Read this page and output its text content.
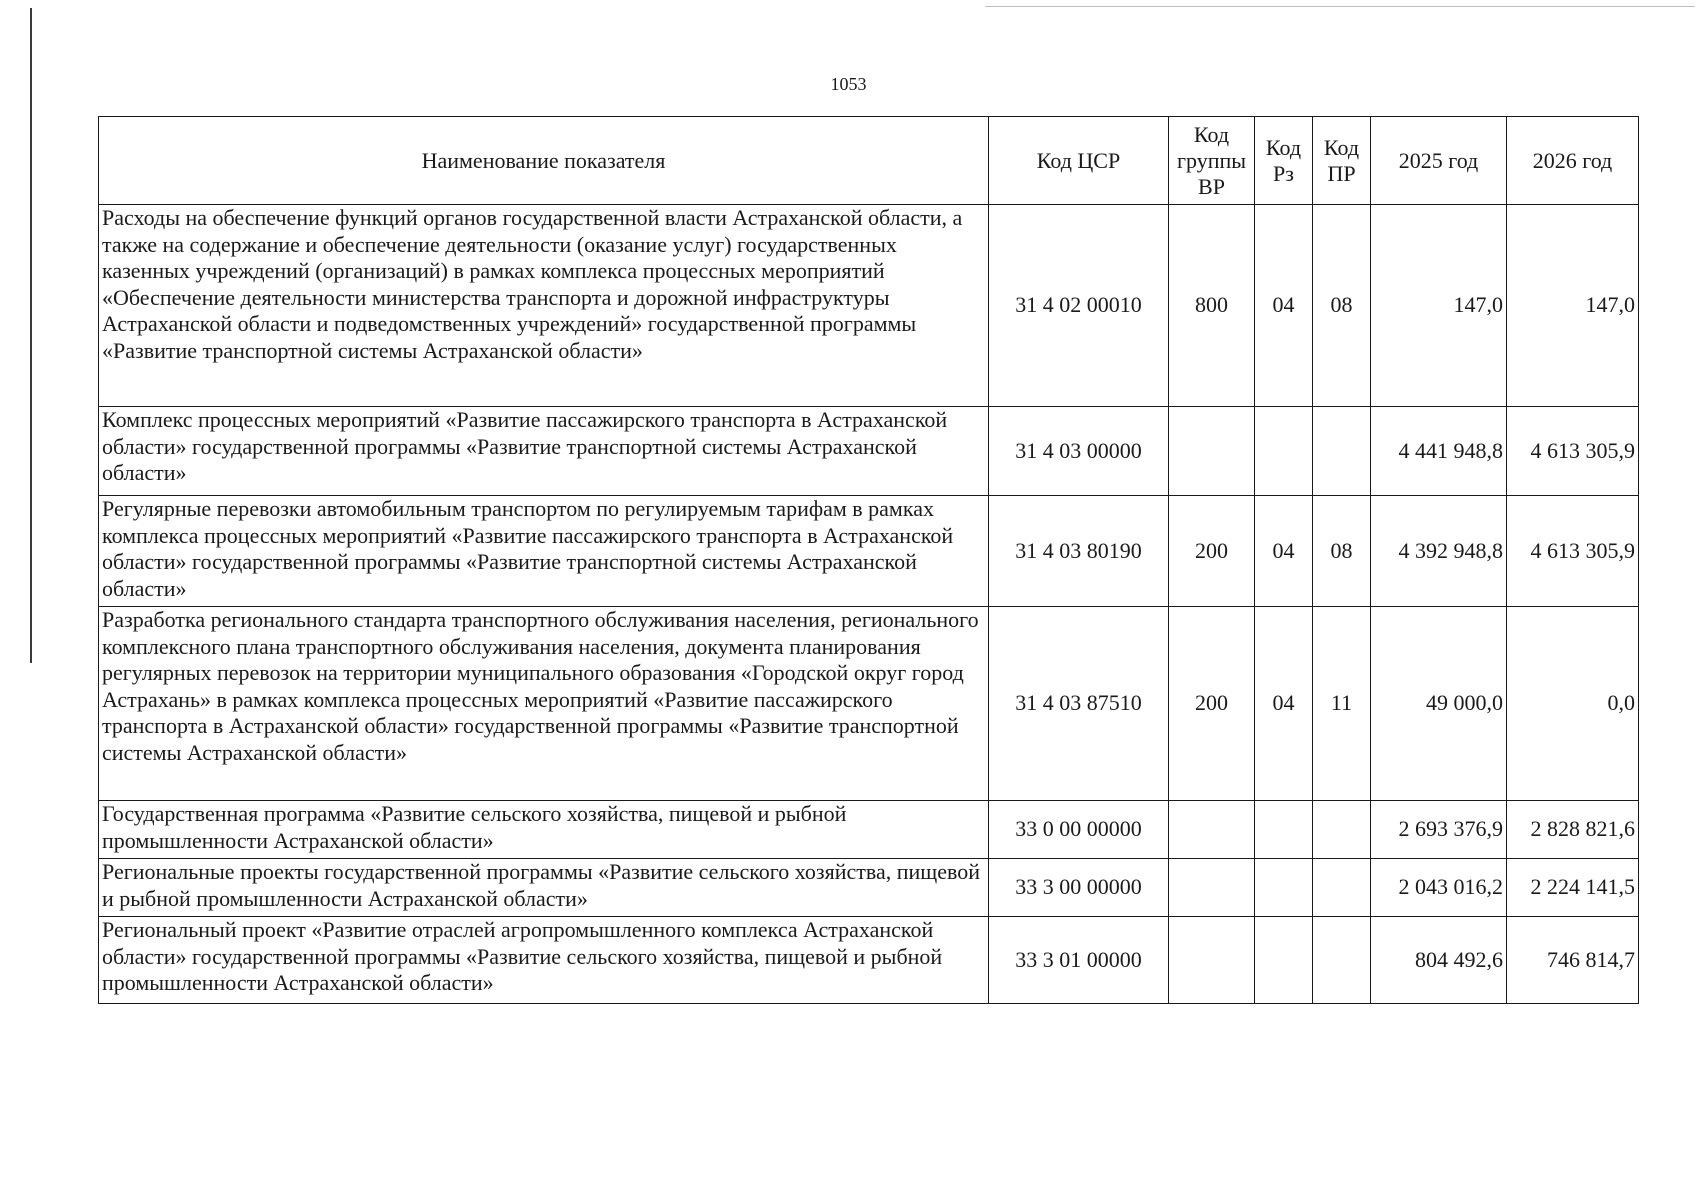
1053
Наименование показателя	Код ЦСР	Код группы ВР	Код Рз	Код ПР	2025 год	2026 год
Расходы на обеспечение функций органов государственной власти Астраханской области, а также на содержание и обеспечение деятельности (оказание услуг) государственных казенных учреждений (организаций) в рамках комплекса процессных мероприятий «Обеспечение деятельности министерства транспорта и дорожной инфраструктуры Астраханской области и подведомственных учреждений» государственной программы «Развитие транспортной системы Астраханской области»	31 4 02 00010	800	04	08	147,0	147,0
Комплекс процессных мероприятий «Развитие пассажирского транспорта в Астраханской области» государственной программы «Развитие транспортной системы Астраханской области»	31 4 03 00000				4 441 948,8	4 613 305,9
Регулярные перевозки автомобильным транспортом по регулируемым тарифам в рамках комплекса процессных мероприятий «Развитие пассажирского транспорта в Астраханской области» государственной программы «Развитие транспортной системы Астраханской области»	31 4 03 80190	200	04	08	4 392 948,8	4 613 305,9
Разработка регионального стандарта транспортного обслуживания населения, регионального комплексного плана транспортного обслуживания населения, документа планирования регулярных перевозок на территории муниципального образования «Городской округ город Астрахань» в рамках комплекса процессных мероприятий «Развитие пассажирского транспорта в Астраханской области» государственной программы «Развитие транспортной системы Астраханской области»	31 4 03 87510	200	04	11	49 000,0	0,0
Государственная программа «Развитие сельского хозяйства, пищевой и рыбной промышленности Астраханской области»	33 0 00 00000				2 693 376,9	2 828 821,6
Региональные проекты государственной программы «Развитие сельского хозяйства, пищевой и рыбной промышленности Астраханской области»	33 3 00 00000				2 043 016,2	2 224 141,5
Региональный проект «Развитие отраслей агропромышленного комплекса Астраханской области» государственной программы «Развитие сельского хозяйства, пищевой и рыбной промышленности Астраханской области»	33 3 01 00000				804 492,6	746 814,7
